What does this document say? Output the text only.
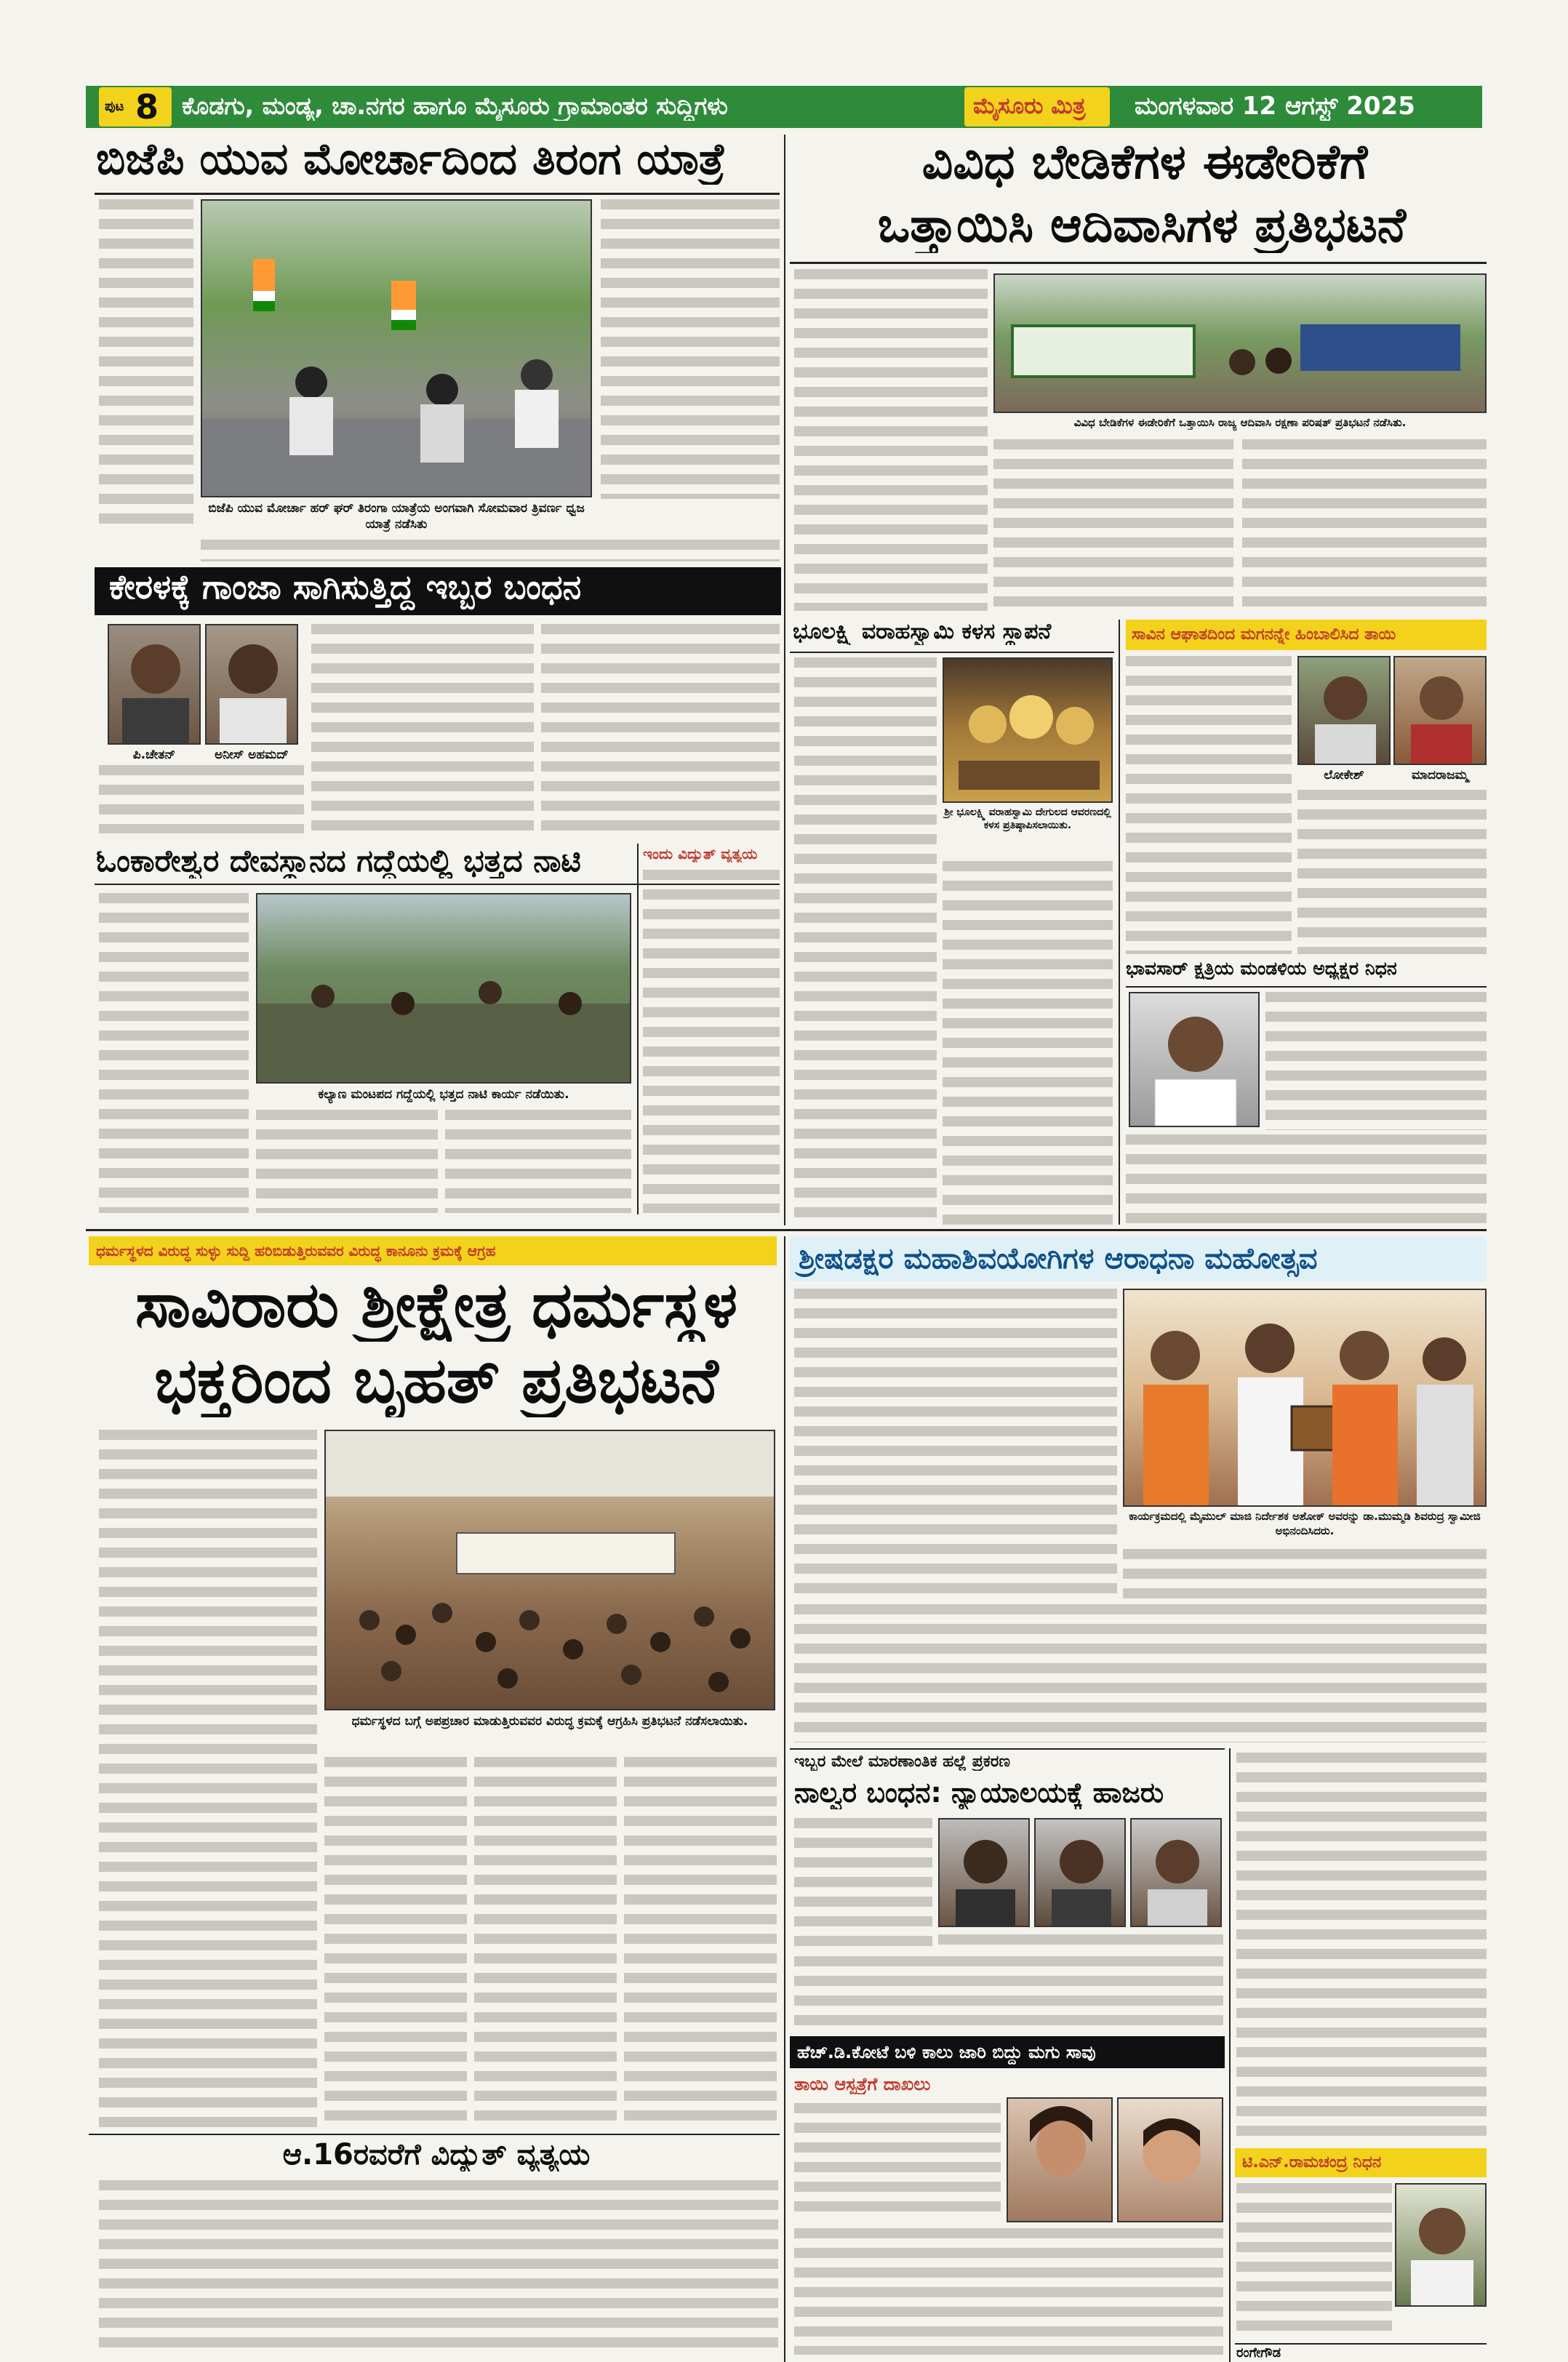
ಪುಟ 8 ಕೊಡಗು, ಮಂಡ್ಯ, ಚಾ.ನಗರ ಹಾಗೂ ಮೈಸೂರು ಗ್ರಾಮಾಂತರ ಸುದ್ದಿಗಳು	ಮೈಸೂರು ಮಿತ್ರ ಮಂಗಳವಾರ 12 ಆಗಸ್ಟ್ 2025
ಬಿಜೆಪಿ ಯುವ ಮೋರ್ಚಾದಿಂದ ತಿರಂಗ ಯಾತ್ರೆ
ಬಿಜೆಪಿ ಯುವ ಮೋರ್ಚಾ ಹರ್ ಘರ್ ತಿರಂಗಾ ಯಾತ್ರೆಯ ಅಂಗವಾಗಿ ಸೋಮವಾರ ತ್ರಿವರ್ಣ ಧ್ವಜ ಯಾತ್ರೆ ನಡೆಸಿತು
ಕೇರಳಕ್ಕೆ ಗಾಂಜಾ ಸಾಗಿಸುತ್ತಿದ್ದ ಇಬ್ಬರ ಬಂಧನ
ಪಿ.ಚೇತನ್	ಅನೀಸ್ ಅಹಮದ್
ಓಂಕಾರೇಶ್ವರ ದೇವಸ್ಥಾನದ ಗದ್ದೆಯಲ್ಲಿ ಭತ್ತದ ನಾಟಿ
ಕಲ್ಯಾಣ ಮಂಟಪದ ಗದ್ದೆಯಲ್ಲಿ ಭತ್ತದ ನಾಟಿ ಕಾರ್ಯ ನಡೆಯಿತು.
ಇಂದು ವಿದ್ಯುತ್ ವ್ಯತ್ಯಯ
ವಿವಿಧ ಬೇಡಿಕೆಗಳ ಈಡೇರಿಕೆಗೆ
ಒತ್ತಾಯಿಸಿ ಆದಿವಾಸಿಗಳ ಪ್ರತಿಭಟನೆ
ವಿವಿಧ ಬೇಡಿಕೆಗಳ ಈಡೇರಿಕೆಗೆ ಒತ್ತಾಯಿಸಿ ರಾಜ್ಯ ಆದಿವಾಸಿ ರಕ್ಷಣಾ ಪರಿಷತ್ ಪ್ರತಿಭಟನೆ ನಡೆಸಿತು.
ಭೂಲಕ್ಷ್ಮಿ ವರಾಹಸ್ವಾಮಿ ಕಳಸ ಸ್ಥಾಪನೆ
ಶ್ರೀ ಭೂಲಕ್ಷ್ಮಿ ವರಾಹಸ್ವಾಮಿ ದೇಗುಲದ ಆವರಣದಲ್ಲಿ ಕಳಸ ಪ್ರತಿಷ್ಠಾಪಿಸಲಾಯಿತು.
ಸಾವಿನ ಆಘಾತದಿಂದ ಮಗನನ್ನೇ ಹಿಂಬಾಲಿಸಿದ ತಾಯಿ
ಲೋಕೇಶ್	ಮಾದರಾಜಮ್ಮ
ಭಾವಸಾರ್ ಕ್ಷತ್ರಿಯ ಮಂಡಳಿಯ ಅಧ್ಯಕ್ಷರ ನಿಧನ
ಧರ್ಮಸ್ಥಳದ ವಿರುದ್ಧ ಸುಳ್ಳು ಸುದ್ದಿ ಹರಿಬಿಡುತ್ತಿರುವವರ ವಿರುದ್ಧ ಕಾನೂನು ಕ್ರಮಕ್ಕೆ ಆಗ್ರಹ
ಸಾವಿರಾರು ಶ್ರೀಕ್ಷೇತ್ರ ಧರ್ಮಸ್ಥಳ
ಭಕ್ತರಿಂದ ಬೃಹತ್ ಪ್ರತಿಭಟನೆ
ಧರ್ಮಸ್ಥಳದ ಬಗ್ಗೆ ಅಪಪ್ರಚಾರ ಮಾಡುತ್ತಿರುವವರ ವಿರುದ್ಧ ಕ್ರಮಕ್ಕೆ ಆಗ್ರಹಿಸಿ ಪ್ರತಿಭಟನೆ ನಡೆಸಲಾಯಿತು.
ಆ.16ರವರೆಗೆ ವಿದ್ಯುತ್ ವ್ಯತ್ಯಯ
ಶ್ರೀಷಡಕ್ಷರ ಮಹಾಶಿವಯೋಗಿಗಳ ಆರಾಧನಾ ಮಹೋತ್ಸವ
ಕಾರ್ಯಕ್ರಮದಲ್ಲಿ ಮೈಮುಲ್ ಮಾಜಿ ನಿರ್ದೇಶಕ ಅಶೋಕ್ ಅವರನ್ನು ಡಾ.ಮುಮ್ಮಡಿ ಶಿವರುದ್ರ ಸ್ವಾಮೀಜಿ ಅಭಿನಂದಿಸಿದರು.
ಇಬ್ಬರ ಮೇಲೆ ಮಾರಣಾಂತಿಕ ಹಲ್ಲೆ ಪ್ರಕರಣ
ನಾಲ್ವರ ಬಂಧನ: ನ್ಯಾಯಾಲಯಕ್ಕೆ ಹಾಜರು
ಹೆಚ್.ಡಿ.ಕೋಟೆ ಬಳಿ ಕಾಲು ಜಾರಿ ಬಿದ್ದು ಮಗು ಸಾವು
ತಾಯಿ ಆಸ್ಪತ್ರೆಗೆ ದಾಖಲು
ಟಿ.ಎನ್.ರಾಮಚಂದ್ರ ನಿಧನ
ರಂಗೇಗೌಡ
